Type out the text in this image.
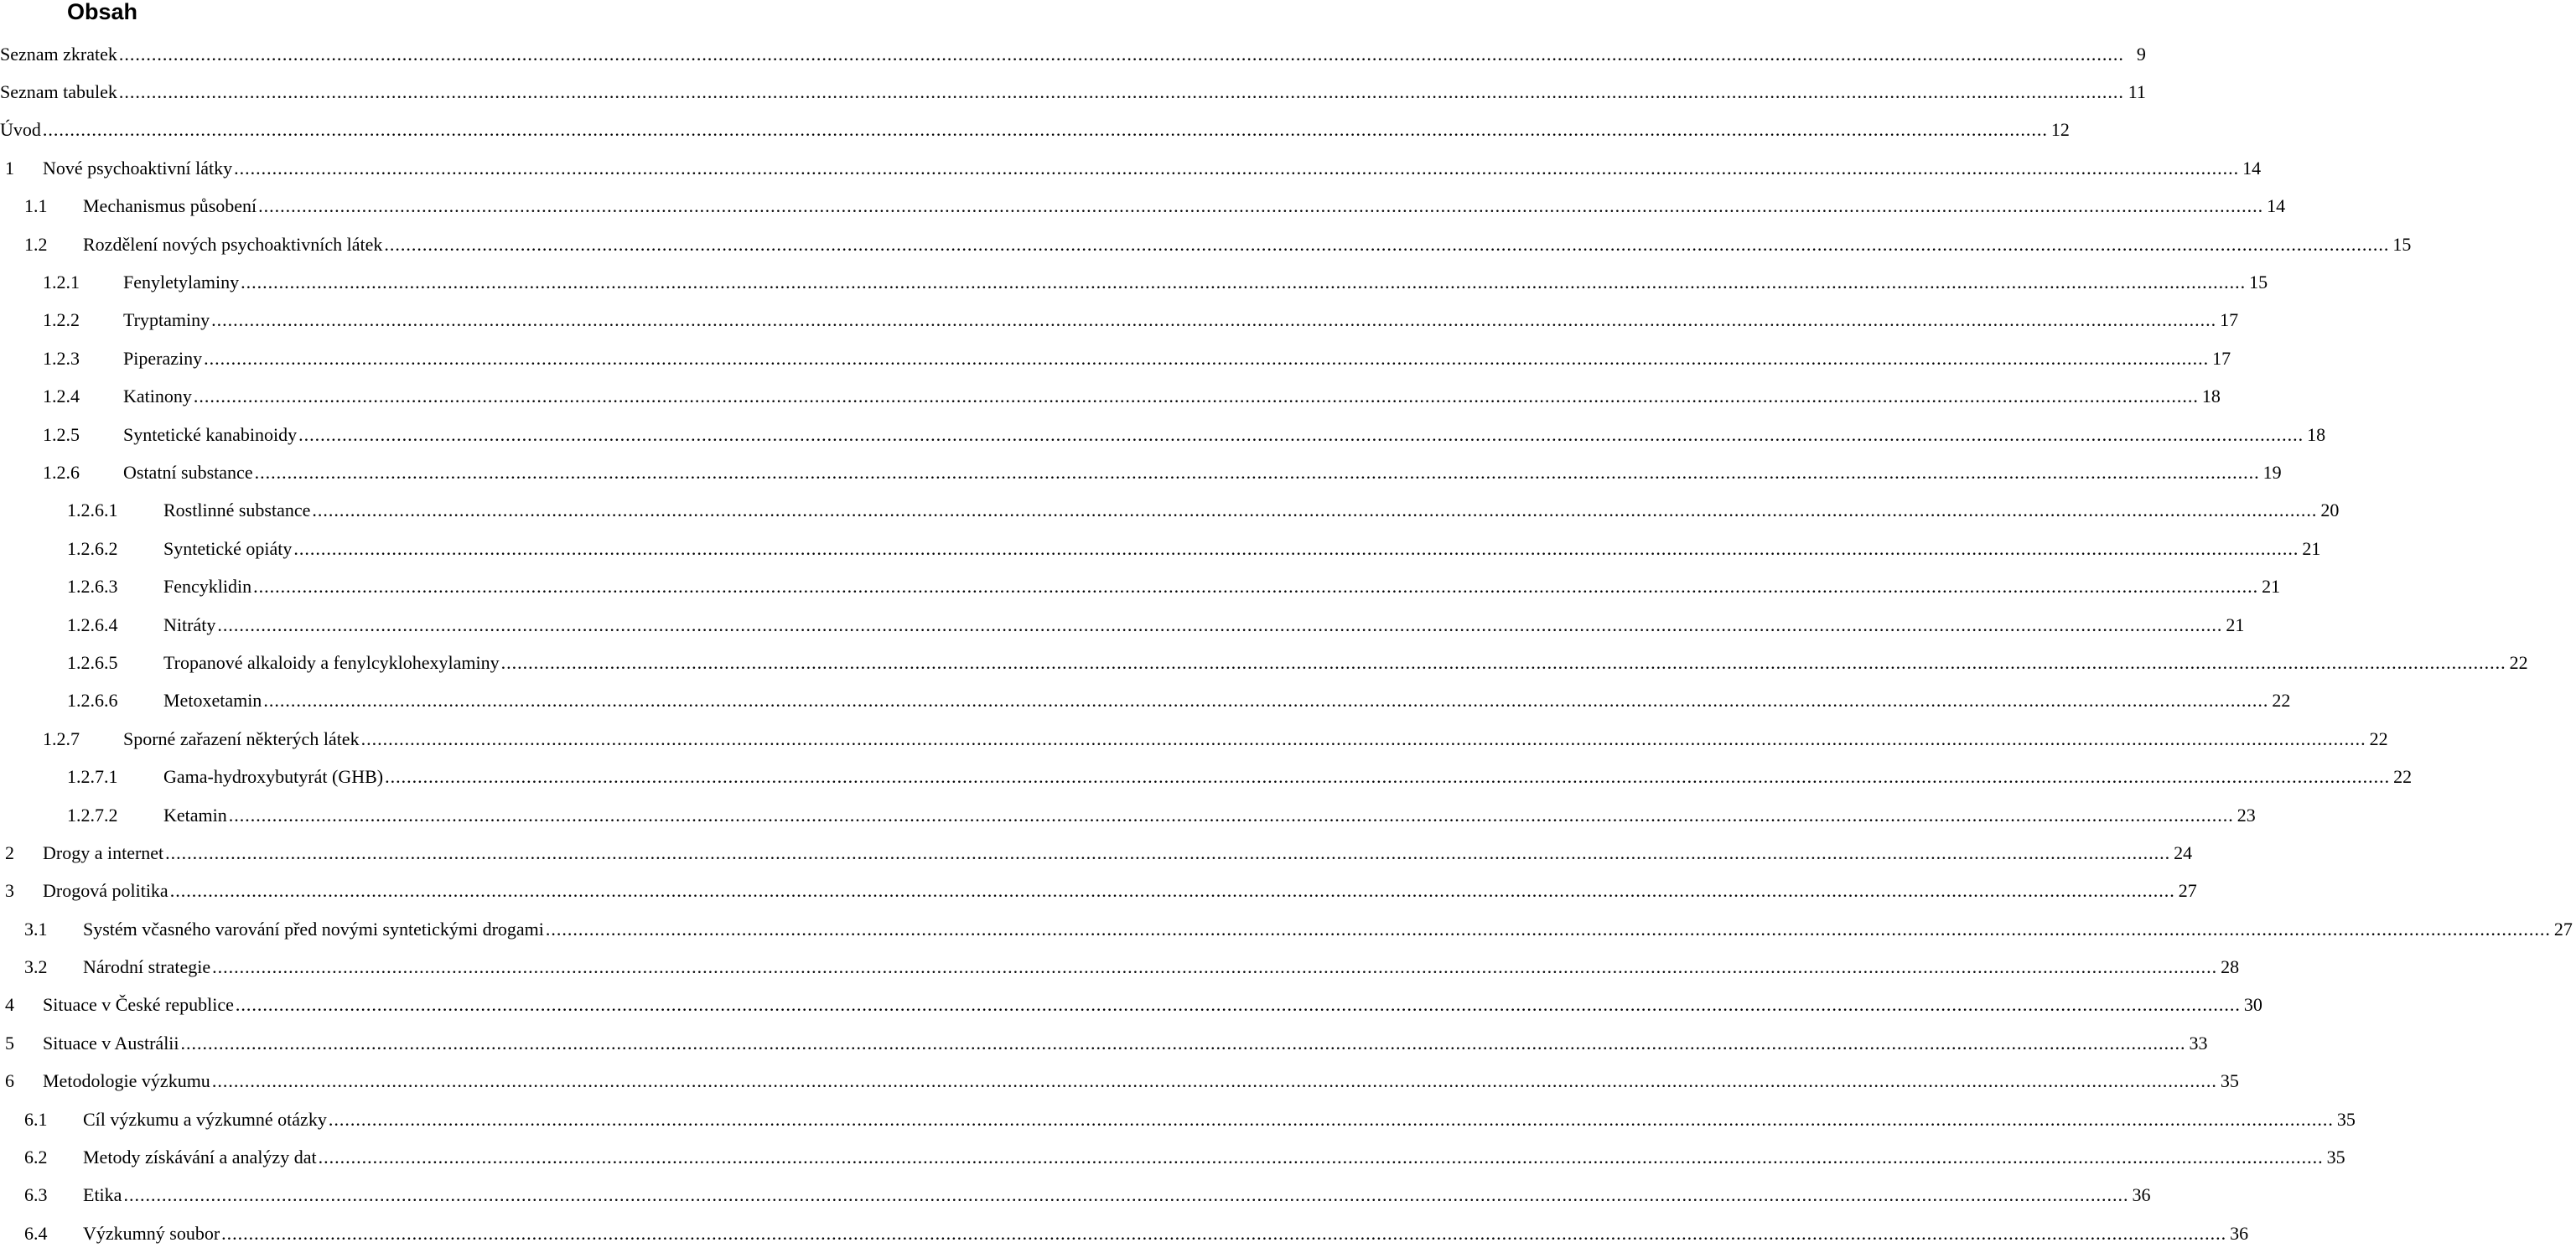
Obsah
Seznam zkratek .....	9
Seznam tabulek .....	11
Úvod .....	12
1	Nové psychoaktivní látky .....	14
1.1	Mechanismus působení .....	14
1.2	Rozdělení nových psychoaktivních látek .....	15
1.2.1	Fenyletylaminy .....	15
1.2.2	Tryptaminy .....	17
1.2.3	Piperaziny .....	17
1.2.4	Katinony .....	18
1.2.5	Syntetické kanabinoidy .....	18
1.2.6	Ostatní substance .....	19
1.2.6.1	Rostlinné substance .....	20
1.2.6.2	Syntetické opiáty .....	21
1.2.6.3	Fencyklidin .....	21
1.2.6.4	Nitráty .....	21
1.2.6.5	Tropanové alkaloidy a fenylcyklohexylaminy .....	22
1.2.6.6	Metoxetamin .....	22
1.2.7	Sporné zařazení některých látek .....	22
1.2.7.1	Gama-hydroxybutyrát (GHB) .....	22
1.2.7.2	Ketamin .....	23
2	Drogy a internet .....	24
3	Drogová politika .....	27
3.1	Systém včasného varování před novými syntetickými drogami .....	27
3.2	Národní strategie .....	28
4	Situace v České republice .....	30
5	Situace v Austrálii .....	33
6	Metodologie výzkumu .....	35
6.1	Cíl výzkumu a výzkumné otázky .....	35
6.2	Metody získávání a analýzy dat .....	35
6.3	Etika .....	36
6.4	Výzkumný soubor .....	36
